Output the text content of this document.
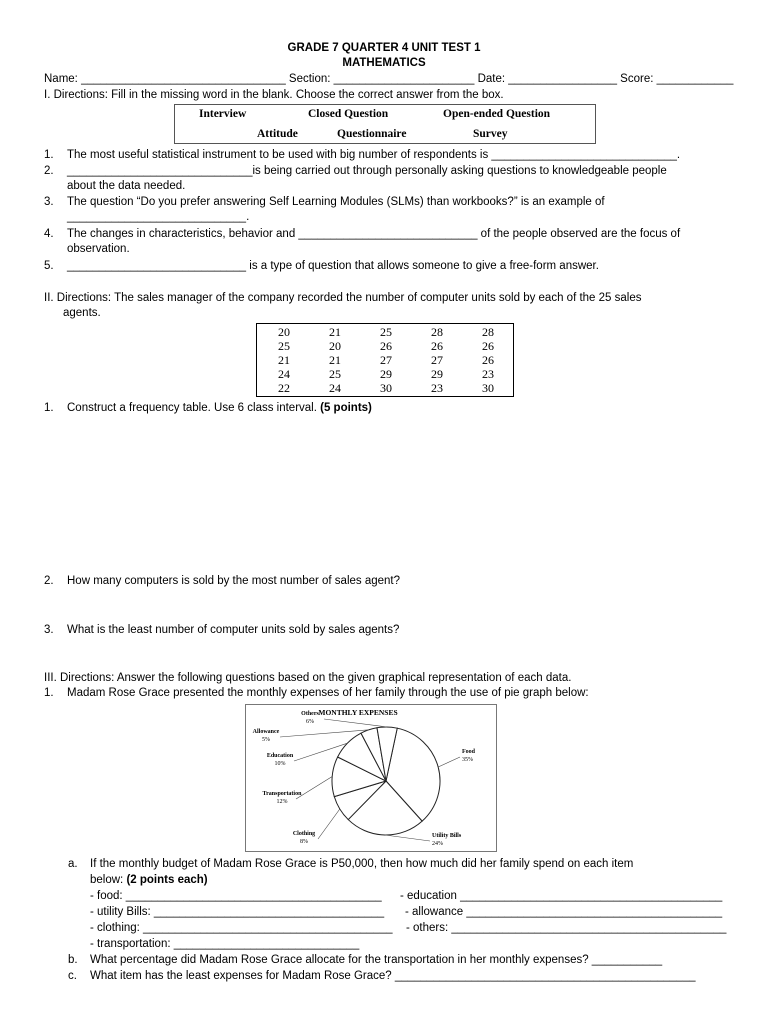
GRADE 7 QUARTER 4 UNIT TEST 1
MATHEMATICS
Name: ________________________________ Section: ______________________ Date: _________________ Score: ____________
I. Directions: Fill in the missing word in the blank. Choose the correct answer from the box.
Interview	Closed Question	Open-ended Question
Attitude	Questionnaire	Survey
1. The most useful statistical instrument to be used with big number of respondents is _____________________________.
2. _____________________________is being carried out through personally asking questions to knowledgeable people
about the data needed.
3. The question “Do you prefer answering Self Learning Modules (SLMs) than workbooks?” is an example of
____________________________.
4. The changes in characteristics, behavior and ____________________________ of the people observed are the focus of
observation.
5. ____________________________ is a type of question that allows someone to give a free-form answer.
II. Directions: The sales manager of the company recorded the number of computer units sold by each of the 25 sales
agents.
20	21	25	28	28
25	20	26	26	26
21	21	27	27	26
24	25	29	29	23
22	24	30	23	30
1. Construct a frequency table. Use 6 class interval. (5 points)
2. How many computers is sold by the most number of sales agent?
3. What is the least number of computer units sold by sales agents?
III. Directions: Answer the following questions based on the given graphical representation of each data.
1. Madam Rose Grace presented the monthly expenses of her family through the use of pie graph below:
MONTHLY EXPENSES
Food
35%
Utility Bills
24%
Clothing
8%
Transportation
12%
Education
10%
Allowance
5%
Others
6%
a. If the monthly budget of Madam Rose Grace is P50,000, then how much did her family spend on each item
below: (2 points each)
- food: ________________________________________ - education _________________________________________
- utility Bills: ____________________________________ - allowance ________________________________________
- clothing: _______________________________________ - others: ___________________________________________
- transportation: _____________________________
b. What percentage did Madam Rose Grace allocate for the transportation in her monthly expenses? ___________
c. What item has the least expenses for Madam Rose Grace? _______________________________________________
